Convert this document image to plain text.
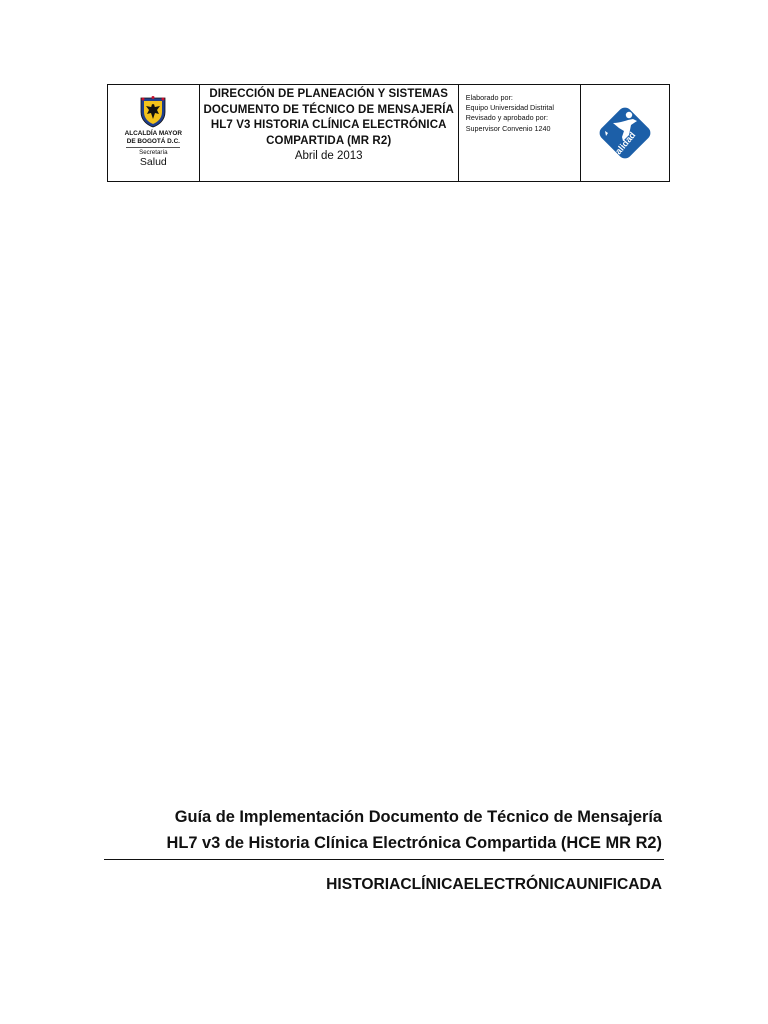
ALCALDÍA MAYOR
DE BOGOTÁ D.C.
Secretaría
Salud
DIRECCIÓN DE PLANEACIÓN Y SISTEMAS
DOCUMENTO DE TÉCNICO DE MENSAJERÍA
HL7 V3 HISTORIA CLÍNICA ELECTRÓNICA
COMPARTIDA (MR R2)
Abril de 2013
Elaborado por:
Equipo Universidad Distrital
Revisado y aprobado por:
Supervisor Convenio 1240
calidad
Guía de Implementación Documento de Técnico de Mensajería
HL7 v3 de Historia Clínica Electrónica Compartida (HCE MR R2)
HISTORIACLÍNICAELECTRÓNICAUNIFICADA
